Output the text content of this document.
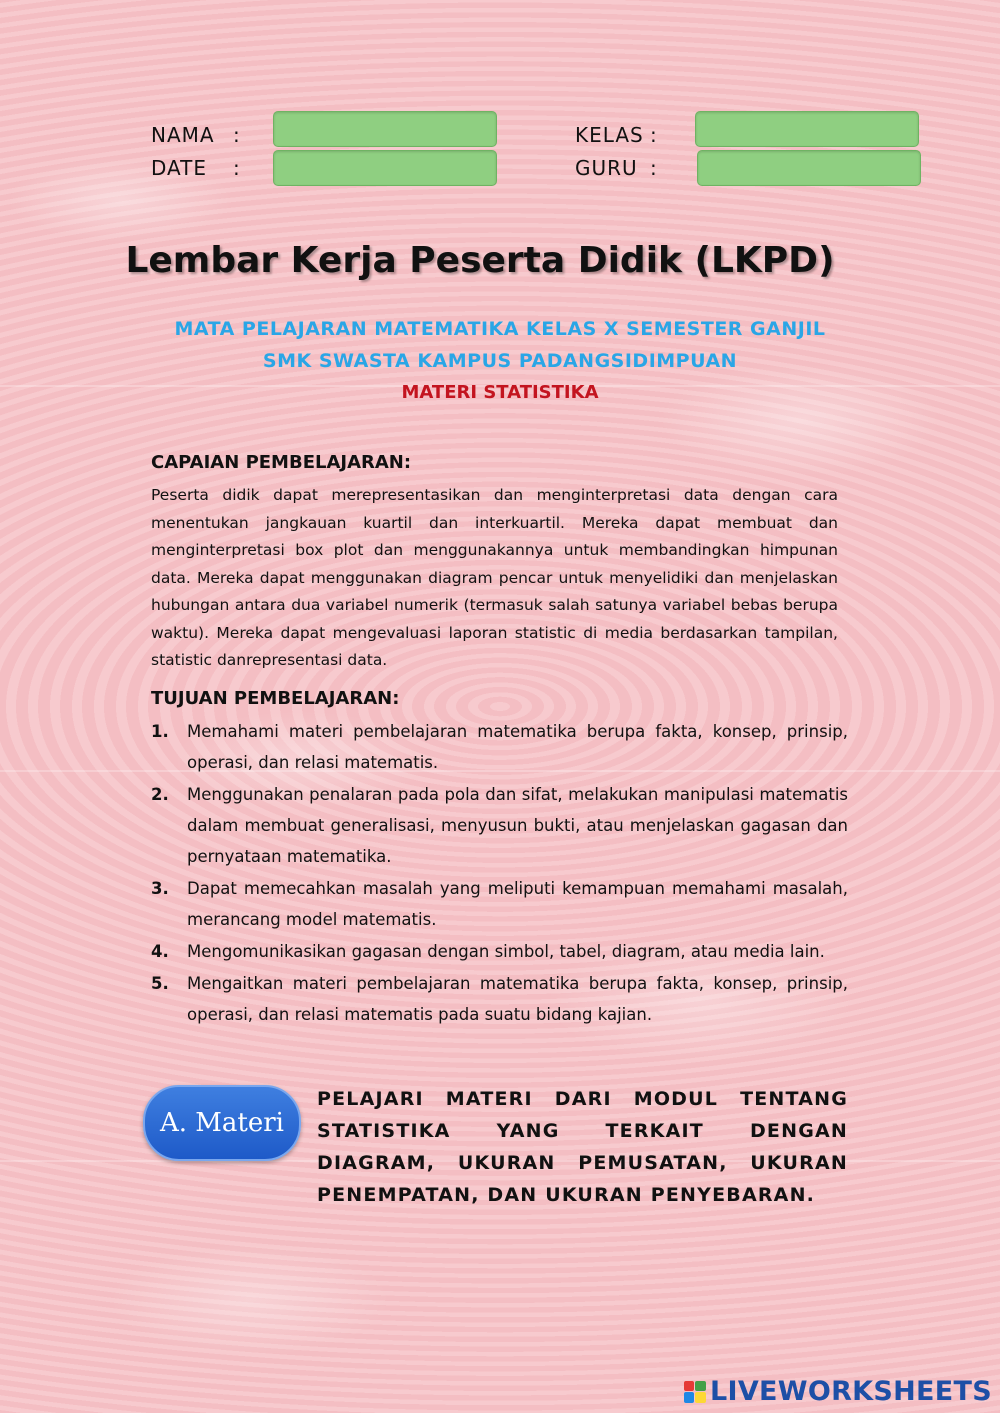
NAMA :
DATE :
KELAS :
GURU :
Lembar Kerja Peserta Didik (LKPD)
MATA PELAJARAN MATEMATIKA KELAS X SEMESTER GANJIL
SMK SWASTA KAMPUS PADANGSIDIMPUAN
MATERI STATISTIKA
CAPAIAN PEMBELAJARAN:
Peserta didik dapat merepresentasikan dan menginterpretasi data dengan cara menentukan jangkauan kuartil dan interkuartil. Mereka dapat membuat dan menginterpretasi box plot dan menggunakannya untuk membandingkan himpunan data. Mereka dapat menggunakan diagram pencar untuk menyelidiki dan menjelaskan hubungan antara dua variabel numerik (termasuk salah satunya variabel bebas berupa waktu). Mereka dapat mengevaluasi laporan statistic di media berdasarkan tampilan, statistic danrepresentasi data.
TUJUAN PEMBELAJARAN:
1. Memahami materi pembelajaran matematika berupa fakta, konsep, prinsip, operasi, dan relasi matematis.
2. Menggunakan penalaran pada pola dan sifat, melakukan manipulasi matematis dalam membuat generalisasi, menyusun bukti, atau menjelaskan gagasan dan pernyataan matematika.
3. Dapat memecahkan masalah yang meliputi kemampuan memahami masalah, merancang model matematis.
4. Mengomunikasikan gagasan dengan simbol, tabel, diagram, atau media lain.
5. Mengaitkan materi pembelajaran matematika berupa fakta, konsep, prinsip, operasi, dan relasi matematis pada suatu bidang kajian.
A. Materi
PELAJARI MATERI DARI MODUL TENTANG STATISTIKA YANG TERKAIT DENGAN DIAGRAM, UKURAN PEMUSATAN, UKURAN PENEMPATAN, DAN UKURAN PENYEBARAN.
LIVEWORKSHEETS
